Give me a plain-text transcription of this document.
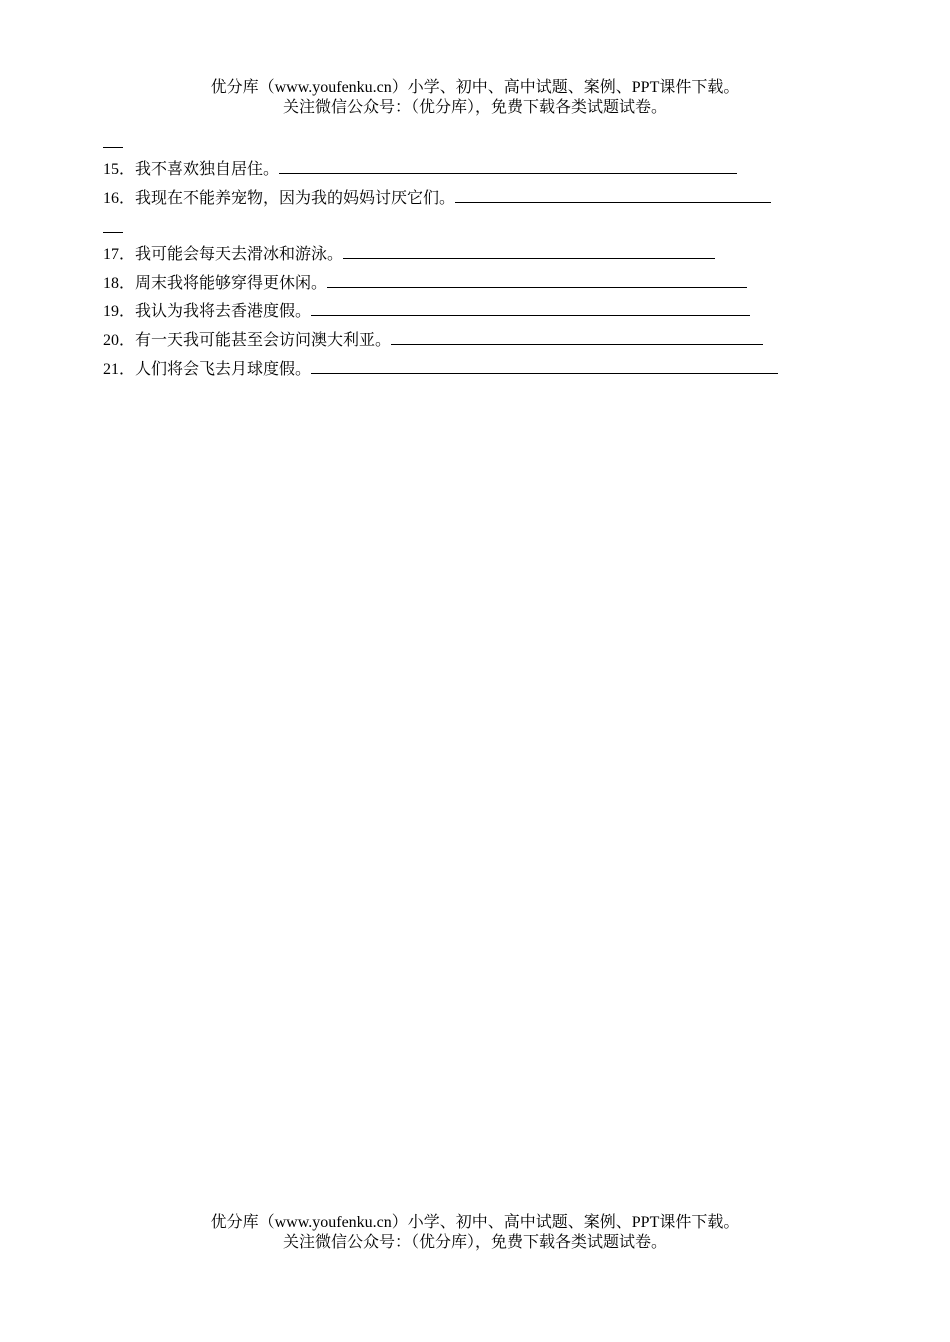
优分库（www.youfenku.cn）小学、初中、高中试题、案例、PPT课件下载。
关注微信公众号：（优分库），免费下载各类试题试卷。
15．我不喜欢独自居住。
16．我现在不能养宠物，因为我的妈妈讨厌它们。
17．我可能会每天去滑冰和游泳。
18．周末我将能够穿得更休闲。
19．我认为我将去香港度假。
20．有一天我可能甚至会访问澳大利亚。
21．人们将会飞去月球度假。
优分库（www.youfenku.cn）小学、初中、高中试题、案例、PPT课件下载。
关注微信公众号：（优分库），免费下载各类试题试卷。
